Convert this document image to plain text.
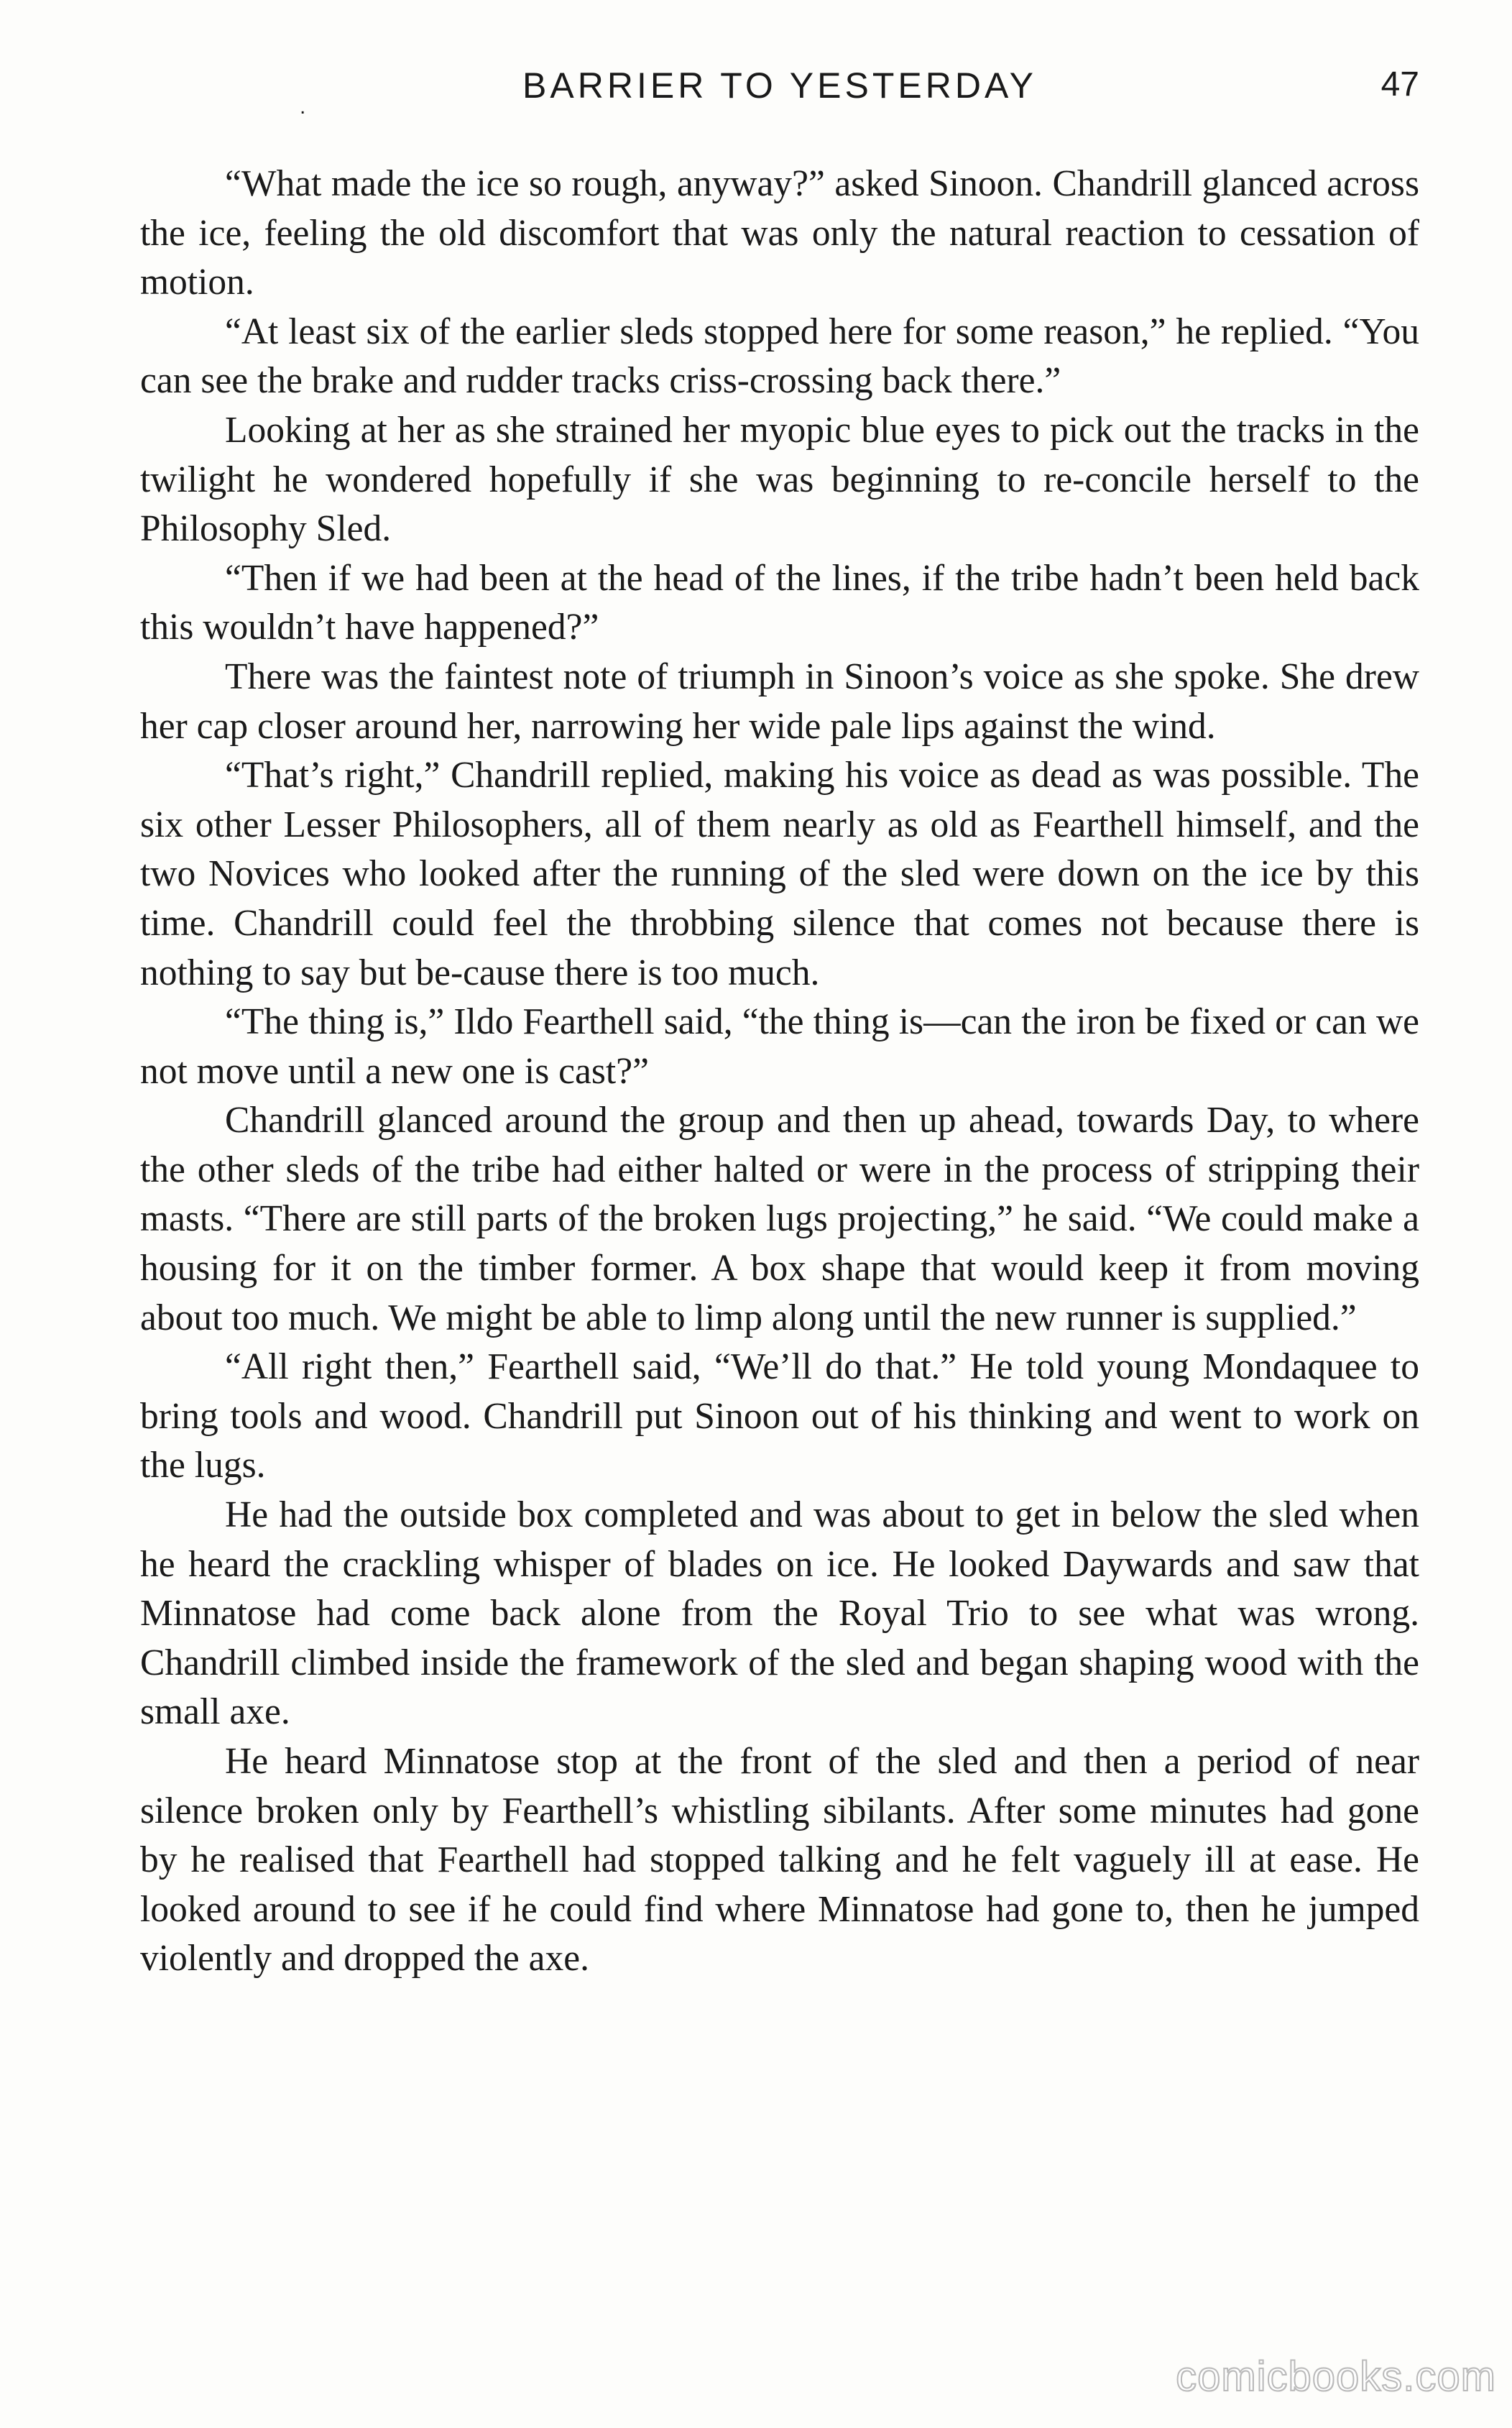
.
BARRIER TO YESTERDAY	47

“What made the ice so rough, anyway?” asked Sinoon. Chandrill glanced across the ice, feeling the old discomfort that was only the natural reaction to cessation of motion.

“At least six of the earlier sleds stopped here for some reason,” he replied. “You can see the brake and rudder tracks criss-crossing back there.”

Looking at her as she strained her myopic blue eyes to pick out the tracks in the twilight he wondered hopefully if she was beginning to re-concile herself to the Philosophy Sled.

“Then if we had been at the head of the lines, if the tribe hadn’t been held back this wouldn’t have happened?”

There was the faintest note of triumph in Sinoon’s voice as she spoke. She drew her cap closer around her, narrowing her wide pale lips against the wind.

“That’s right,” Chandrill replied, making his voice as dead as was possible. The six other Lesser Philosophers, all of them nearly as old as Fearthell himself, and the two Novices who looked after the running of the sled were down on the ice by this time. Chandrill could feel the throbbing silence that comes not because there is nothing to say but be-cause there is too much.

“The thing is,” Ildo Fearthell said, “the thing is—can the iron be fixed or can we not move until a new one is cast?”

Chandrill glanced around the group and then up ahead, towards Day, to where the other sleds of the tribe had either halted or were in the process of stripping their masts. “There are still parts of the broken lugs projecting,” he said. “We could make a housing for it on the timber former. A box shape that would keep it from moving about too much. We might be able to limp along until the new runner is supplied.”

“All right then,” Fearthell said, “We’ll do that.” He told young Mondaquee to bring tools and wood. Chandrill put Sinoon out of his thinking and went to work on the lugs.

He had the outside box completed and was about to get in below the sled when he heard the crackling whisper of blades on ice. He looked Daywards and saw that Minnatose had come back alone from the Royal Trio to see what was wrong. Chandrill climbed inside the framework of the sled and began shaping wood with the small axe.

He heard Minnatose stop at the front of the sled and then a period of near silence broken only by Fearthell’s whistling sibilants. After some minutes had gone by he realised that Fearthell had stopped talking and he felt vaguely ill at ease. He looked around to see if he could find where Minnatose had gone to, then he jumped violently and dropped the axe.

comicbooks.com
